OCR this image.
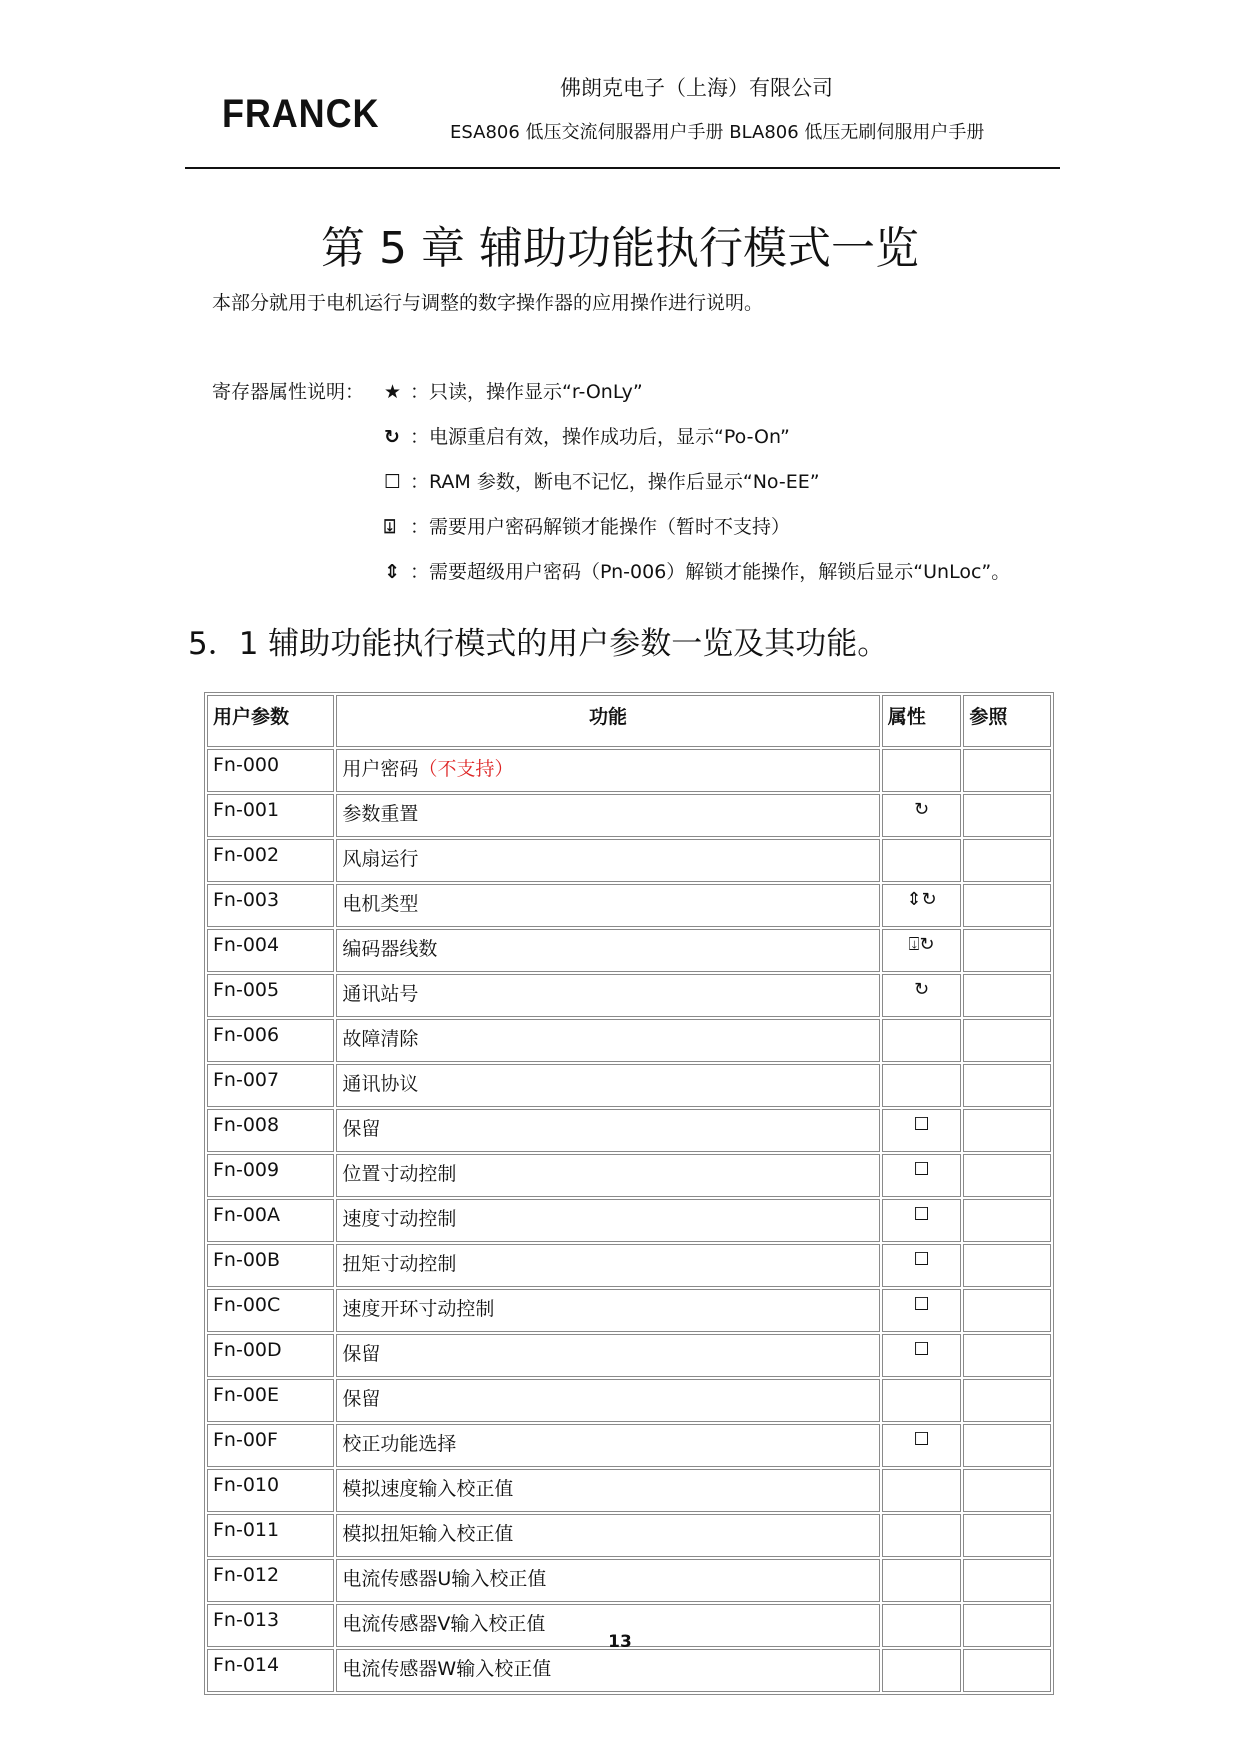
FRANCK
佛朗克电子（上海）有限公司
ESA806 低压交流伺服器用户手册 BLA806 低压无刷伺服用户手册
第 5 章 辅助功能执行模式一览
本部分就用于电机运行与调整的数字操作器的应用操作进行说明。
寄存器属性说明： ★ ：只读，操作显示“r-OnLy”
↻ ：电源重启有效，操作成功后，显示“Po-On”
☐ ：RAM 参数，断电不记忆，操作后显示“No-EE”
⍗ ：需要用户密码解锁才能操作（暂时不支持）
⇕ ：需要超级用户密码（Pn-006）解锁才能操作，解锁后显示“UnLoc”。
5．1 辅助功能执行模式的用户参数一览及其功能。
用户参数	功能	属性	参照
Fn-000	用户密码（不支持）		
Fn-001	参数重置	↻	
Fn-002	风扇运行		
Fn-003	电机类型	⇕↻	
Fn-004	编码器线数	⍗↻	
Fn-005	通讯站号	↻	
Fn-006	故障清除		
Fn-007	通讯协议		
Fn-008	保留	☐	
Fn-009	位置寸动控制	☐	
Fn-00A	速度寸动控制	☐	
Fn-00B	扭矩寸动控制	☐	
Fn-00C	速度开环寸动控制	☐	
Fn-00D	保留	☐	
Fn-00E	保留		
Fn-00F	校正功能选择	☐	
Fn-010	模拟速度输入校正值		
Fn-011	模拟扭矩输入校正值		
Fn-012	电流传感器U输入校正值		
Fn-013	电流传感器V输入校正值		
Fn-014	电流传感器W输入校正值		
13
